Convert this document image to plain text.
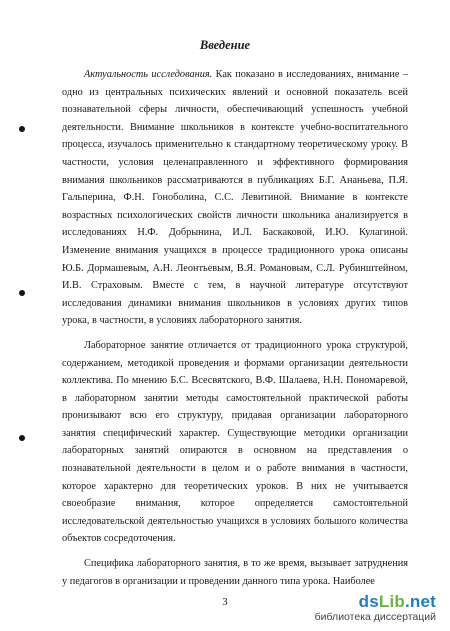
Введение

Актуальность исследования. Как показано в исследованиях, внимание – одно из центральных психических явлений и основной показатель всей познавательной сферы личности, обеспечивающий успешность учебной деятельности. Внимание школьников в контексте учебно-воспитательного процесса, изучалось применительно к стандартному теоретическому уроку. В частности, условия целенаправленного и эффективного формирования внимания школьников рассматриваются в публикациях Б.Г. Ананьева, П.Я. Гальперина, Ф.Н. Гоноболина, С.С. Левитиной. Внимание в контексте возрастных психологических свойств личности школьника анализируется в исследованиях Н.Ф. Добрынина, И.Л. Баскаковой, И.Ю. Кулагиной. Изменение внимания учащихся в процессе традиционного урока описаны Ю.Б. Дормашевым, А.Н. Леонтьевым, В.Я. Романовым, С.Л. Рубинштейном, И.В. Страховым. Вместе с тем, в научной литературе отсутствуют исследования динамики внимания школьников в условиях других типов урока, в частности, в условиях лабораторного занятия.

Лабораторное занятие отличается от традиционного урока структурой, содержанием, методикой проведения и формами организации деятельности коллектива. По мнению Б.С. Всесвятского, В.Ф. Шалаева, Н.Н. Пономаревой, в лабораторном занятии методы самостоятельной практической работы пронизывают всю его структуру, придавая организации лабораторного занятия специфический характер. Существующие методики организации лабораторных занятий опираются в основном на представления о познавательной деятельности в целом и о работе внимания в частности, которое характерно для теоретических уроков. В них не учитывается своеобразие внимания, которое определяется самостоятельной исследовательской деятельностью учащихся в условиях большого количества объектов сосредоточения.

Специфика лабораторного занятия, в то же время, вызывает затруднения у педагогов в организации и проведении данного типа урока. Наиболее

3	dsLib.net
библиотека диссертаций
